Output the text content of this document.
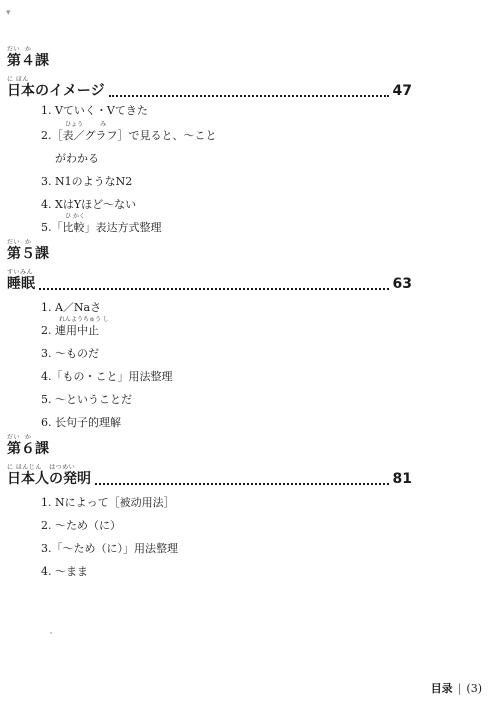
▾
だい  か
第４課
に ほん
日本のイメージ	47
1. Vていく・Vてきた
ひょう         み
2.［表／グラフ］で見ると、～こと
がわかる
3. N1のようなN2
4. XはYほど～ない
ひ かく
5.「比較」表达方式整理
だい  か
第５課
すいみん
睡眠	63
1. A／Naさ
れんようちゅう し
2. 連用中止
3. ～ものだ
4.「もの・こと」用法整理
5. ～ということだ
6. 长句子的理解
だい  か
第６課
に ほんじん   はつめい
日本人の発明	81
1. Nによって［被动用法］
2. ～ため（に）
3.「～ため（に）」用法整理
4. ～まま
目录 | (3)
